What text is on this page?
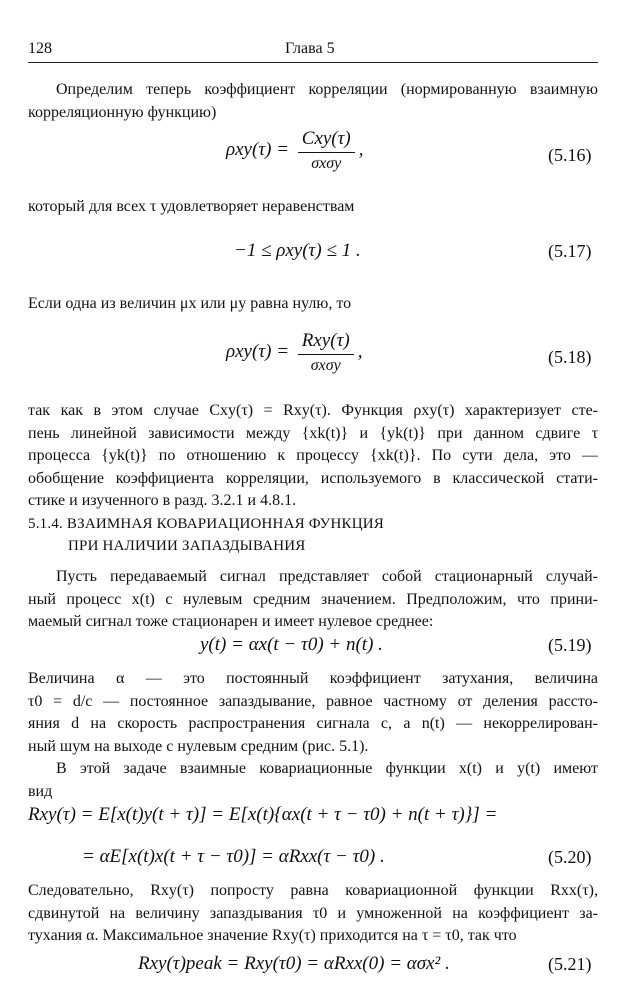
128	Глава 5
Определим теперь коэффициент корреляции (нормированную взаимную
корреляционную функцию)
$\rho xy(\tau) = \frac{\text{Cxy(τ)}}{\text{σxσy}}$ ,	(5.16)
который для всех τ удовлетворяет неравенствам
−1 ≤ ρxy(τ) ≤ 1 .	(5.17)
Если одна из величин μx или μy равна нулю, то
$\rho xy(\tau) = \frac{\text{Rxy(τ)}}{\text{σxσy}}$ ,	(5.18)
так как в этом случае Cxy(τ) = Rxy(τ). Функция ρxy(τ) характеризует сте-
пень линейной зависимости между {xk(t)} и {yk(t)} при данном сдвиге τ
процесса {yk(t)} по отношению к процессу {xk(t)}. По сути дела, это —
обобщение коэффициента корреляции, используемого в классической стати-
стике и изученного в разд. 3.2.1 и 4.8.1.
5.1.4. ВЗАИМНАЯ КОВАРИАЦИОННАЯ ФУНКЦИЯ
ПРИ НАЛИЧИИ ЗАПАЗДЫВАНИЯ
Пусть передаваемый сигнал представляет собой стационарный случай-
ный процесс x(t) с нулевым средним значением. Предположим, что прини-
маемый сигнал тоже стационарен и имеет нулевое среднее:
y(t) = αx(t − τ0) + n(t) .	(5.19)
Величина α — это постоянный коэффициент затухания, величина
τ0 = d/c — постоянное запаздывание, равное частному от деления рассто-
яния d на скорость распространения сигнала c, а n(t) — некоррелирован-
ный шум на выходе с нулевым средним (рис. 5.1).
В этой задаче взаимные ковариационные функции x(t) и y(t) имеют
вид
Rxy(τ) = E[x(t)y(t + τ)] = E[x(t){αx(t + τ − τ0) + n(t + τ)}] =
= αE[x(t)x(t + τ − τ0)] = αRxx(τ − τ0) .	(5.20)
Следовательно, Rxy(τ) попросту равна ковариационной функции Rxx(τ),
сдвинутой на величину запаздывания τ0 и умноженной на коэффициент за-
тухания α. Максимальное значение Rxy(τ) приходится на τ = τ0, так что
Rxy(τ)peak = Rxy(τ0) = αRxx(0) = ασx² .	(5.21)
